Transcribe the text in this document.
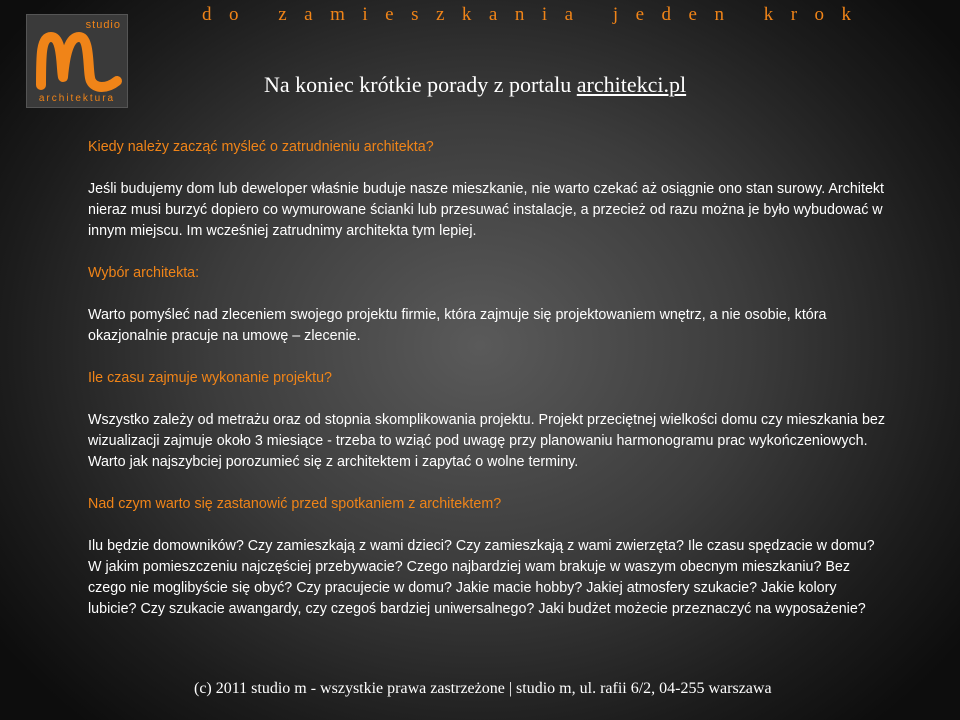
studio
architektura
do zamieszkania jeden krok
Na koniec krótkie porady z portalu architekci.pl

Kiedy należy zacząć myśleć o zatrudnieniu architekta?

Jeśli budujemy dom lub deweloper właśnie buduje nasze mieszkanie, nie warto czekać aż osiągnie ono stan surowy. Architekt nieraz musi burzyć dopiero co wymurowane ścianki lub przesuwać instalacje, a przecież od razu można je było wybudować w innym miejscu. Im wcześniej zatrudnimy architekta tym lepiej.

Wybór architekta:

Warto pomyśleć nad zleceniem swojego projektu firmie, która zajmuje się projektowaniem wnętrz, a nie osobie, która okazjonalnie pracuje na umowę – zlecenie.

Ile czasu zajmuje wykonanie projektu?

Wszystko zależy od metrażu oraz od stopnia skomplikowania projektu. Projekt przeciętnej wielkości domu czy mieszkania bez wizualizacji zajmuje około 3 miesiące - trzeba to wziąć pod uwagę przy planowaniu harmonogramu prac wykończeniowych. Warto jak najszybciej porozumieć się z architektem i zapytać o wolne terminy.

Nad czym warto się zastanowić przed spotkaniem z architektem?

Ilu będzie domowników? Czy zamieszkają z wami dzieci? Czy zamieszkają z wami zwierzęta? Ile czasu spędzacie w domu? W jakim pomieszczeniu najczęściej przebywacie? Czego najbardziej wam brakuje w waszym obecnym mieszkaniu? Bez czego nie moglibyście się obyć? Czy pracujecie w domu? Jakie macie hobby? Jakiej atmosfery szukacie? Jakie kolory lubicie? Czy szukacie awangardy, czy czegoś bardziej uniwersalnego? Jaki budżet możecie przeznaczyć na wyposażenie?

(c) 2011 studio m - wszystkie prawa zastrzeżone | studio m, ul. rafii 6/2, 04-255 warszawa
